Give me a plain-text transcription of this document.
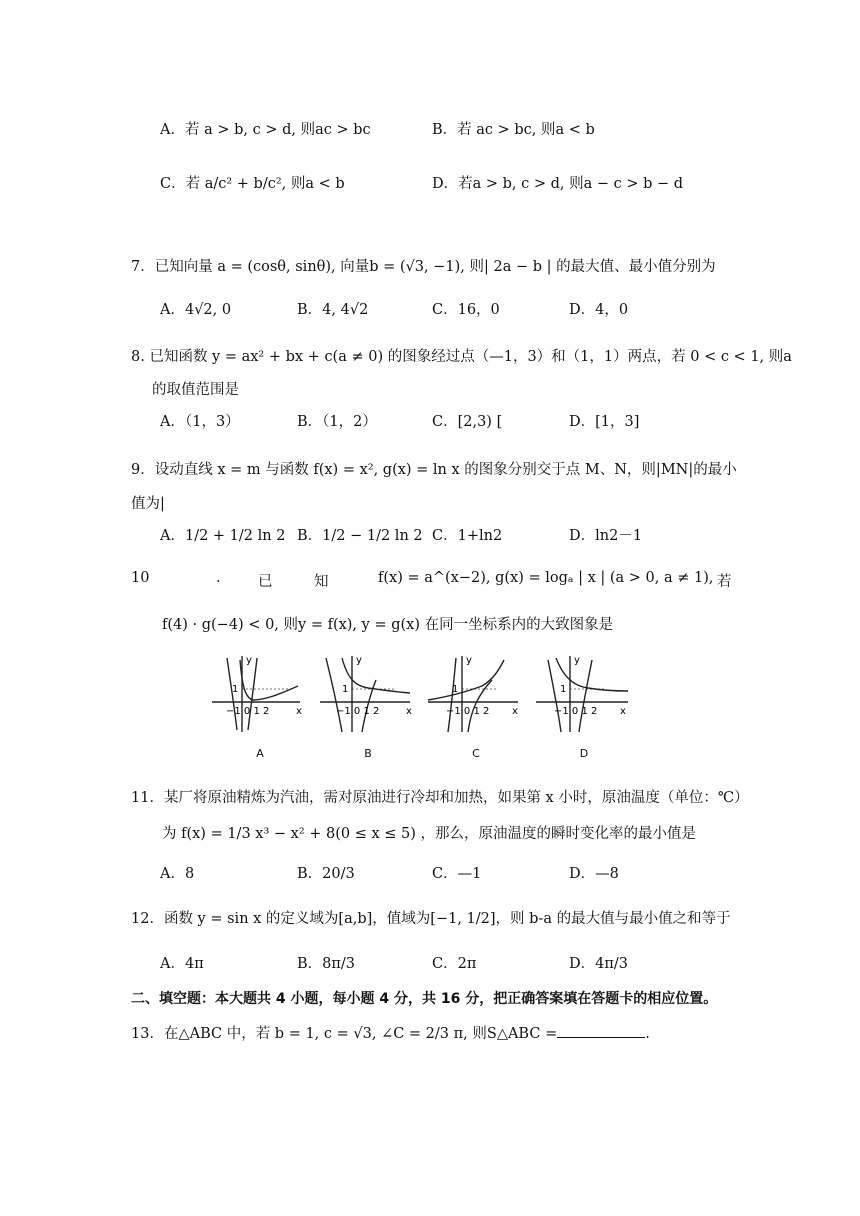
A．若 a > b, c > d, 则ac > bc	B．若 ac > bc, 则a < b
C．若 a/c² + b/c², 则a < b	D．若a > b, c > d, 则a − c > b − d
7．已知向量 a = (cosθ, sinθ), 向量b = (√3, −1), 则| 2a − b | 的最大值、最小值分别为
A．4√2, 0	B．4, 4√2	C．16，0	D．4，0
8. 已知函数 y = ax² + bx + c(a ≠ 0) 的图象经过点（—1，3）和（1，1）两点，若 0 < c < 1, 则a
的取值范围是
A．（1，3）	B．（1，2）	C．[2,3) [	D．[1，3]
9．设动直线 x = m 与函数 f(x) = x², g(x) = ln x 的图象分别交于点 M、N，则|MN|的最小
值为|
A．1/2 + 1/2 ln 2 B．1/2 − 1/2 ln 2 C．1+ln2	D．ln2－1
10	.	已	知	f(x) = a^(x−2), g(x) = logₐ | x | (a > 0, a ≠ 1), 若
f(4) · g(−4) < 0, 则y = f(x), y = g(x) 在同一坐标系内的大致图象是
y
1
−1 0 1 2	x
A
y
1
−1 0 1 2	x
B
y
1
−1 0 1 2 x
C
y
1
−1 0 1 2 x
D
11．某厂将原油精炼为汽油，需对原油进行冷却和加热，如果第 x 小时，原油温度（单位：℃）
为 f(x) = 1/3 x³ − x² + 8(0 ≤ x ≤ 5) ，那么，原油温度的瞬时变化率的最小值是
A．8	B．20/3	C．—1	D．—8
12．函数 y = sin x 的定义域为[a,b]，值域为[−1, 1/2]，则 b-a 的最大值与最小值之和等于
A．4π	B．8π/3	C．2π	D．4π/3
二、填空题：本大题共 4 小题，每小题 4 分，共 16 分，把正确答案填在答题卡的相应位置。
13．在△ABC 中，若 b = 1, c = √3, ∠C = 2/3 π, 则S△ABC =	.
